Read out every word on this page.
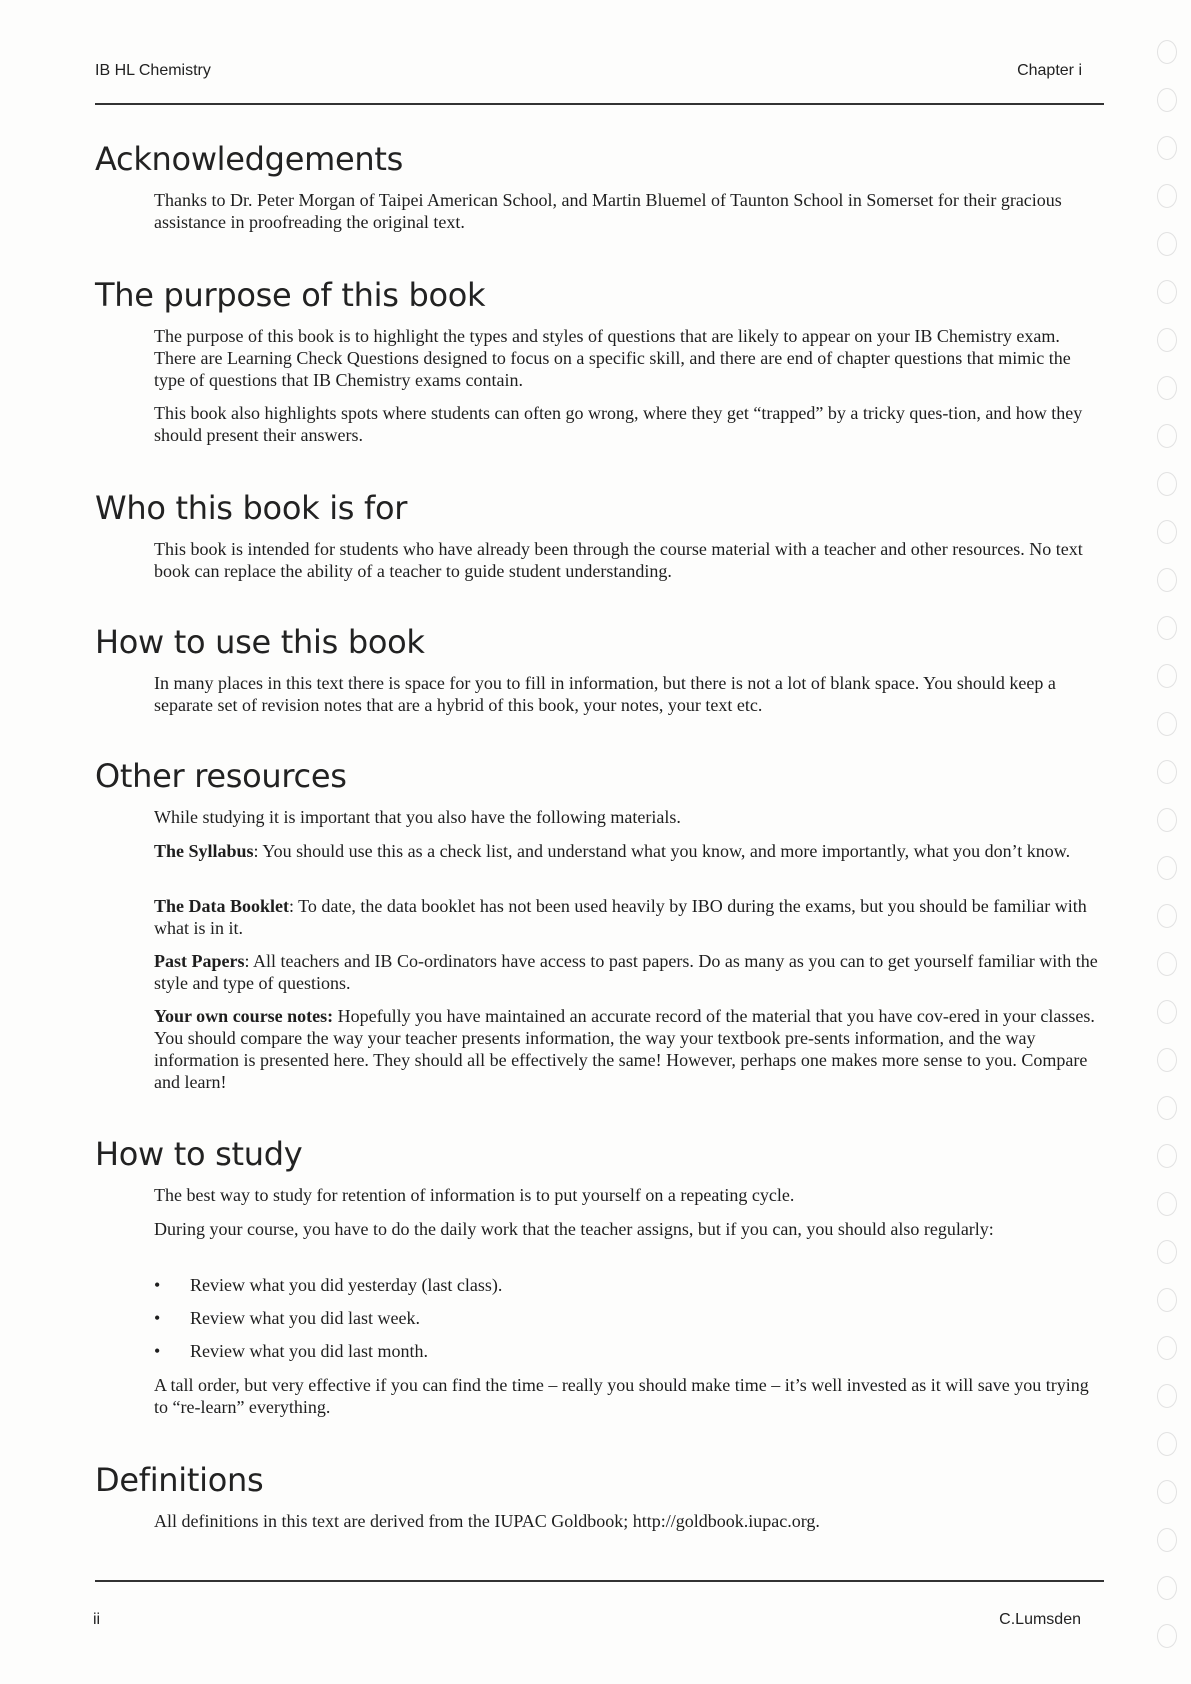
IB HL Chemistry	Chapter i
Acknowledgements

Thanks to Dr. Peter Morgan of Taipei American School, and Martin Bluemel of Taunton School in Somerset for their gracious assistance in proofreading the original text.

The purpose of this book

The purpose of this book is to highlight the types and styles of questions that are likely to appear on your IB Chemistry exam. There are Learning Check Questions designed to focus on a specific skill, and there are end of chapter questions that mimic the type of questions that IB Chemistry exams contain.

This book also highlights spots where students can often go wrong, where they get “trapped” by a tricky ques-tion, and how they should present their answers.

Who this book is for

This book is intended for students who have already been through the course material with a teacher and other resources. No text book can replace the ability of a teacher to guide student understanding.

How to use this book

In many places in this text there is space for you to fill in information, but there is not a lot of blank space. You should keep a separate set of revision notes that are a hybrid of this book, your notes, your text etc.

Other resources

While studying it is important that you also have the following materials.

The Syllabus: You should use this as a check list, and understand what you know, and more importantly, what you don’t know.

The Data Booklet: To date, the data booklet has not been used heavily by IBO during the exams, but you should be familiar with what is in it.

Past Papers: All teachers and IB Co-ordinators have access to past papers. Do as many as you can to get yourself familiar with the style and type of questions.

Your own course notes: Hopefully you have maintained an accurate record of the material that you have cov-ered in your classes. You should compare the way your teacher presents information, the way your textbook pre-sents information, and the way information is presented here. They should all be effectively the same! However, perhaps one makes more sense to you. Compare and learn!

How to study

The best way to study for retention of information is to put yourself on a repeating cycle.

During your course, you have to do the daily work that the teacher assigns, but if you can, you should also regularly:

•	Review what you did yesterday (last class).
•	Review what you did last week.
•	Review what you did last month.

A tall order, but very effective if you can find the time – really you should make time – it’s well invested as it will save you trying to “re-learn” everything.

Definitions

All definitions in this text are derived from the IUPAC Goldbook; http://goldbook.iupac.org.

ii	C.Lumsden
